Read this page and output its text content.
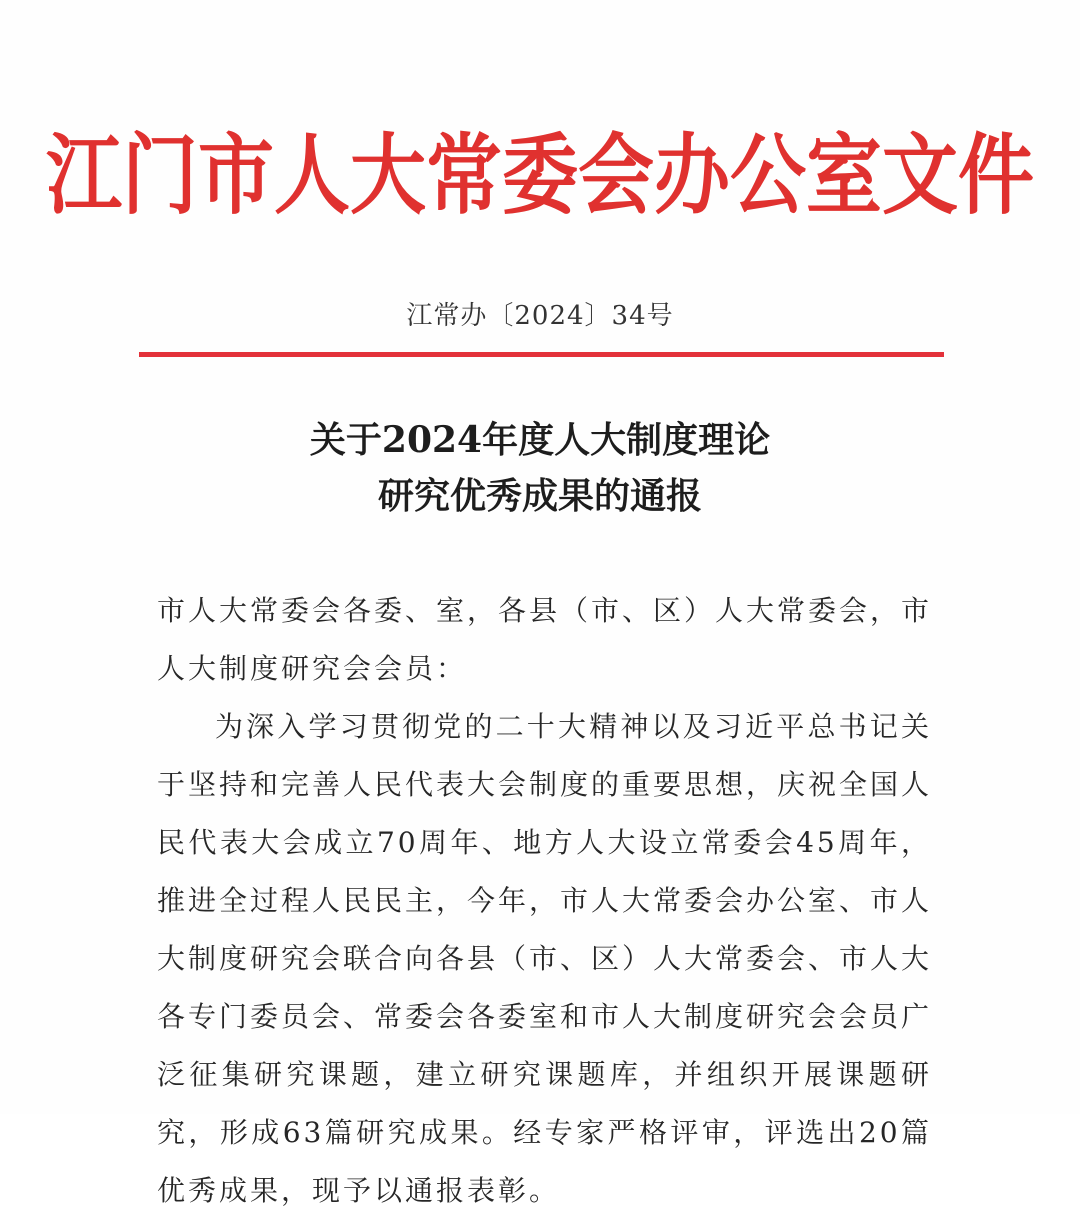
江门市人大常委会办公室文件
江常办〔2024〕34号
关于2024年度人大制度理论
研究优秀成果的通报

市人大常委会各委、室，各县（市、区）人大常委会，市人大制度研究会会员：

为深入学习贯彻党的二十大精神以及习近平总书记关于坚持和完善人民代表大会制度的重要思想，庆祝全国人民代表大会成立70周年、地方人大设立常委会45周年，推进全过程人民民主，今年，市人大常委会办公室、市人大制度研究会联合向各县（市、区）人大常委会、市人大各专门委员会、常委会各委室和市人大制度研究会会员广泛征集研究课题，建立研究课题库，并组织开展课题研究，形成63篇研究成果。经专家严格评审，评选出20篇优秀成果，现予以通报表彰。
